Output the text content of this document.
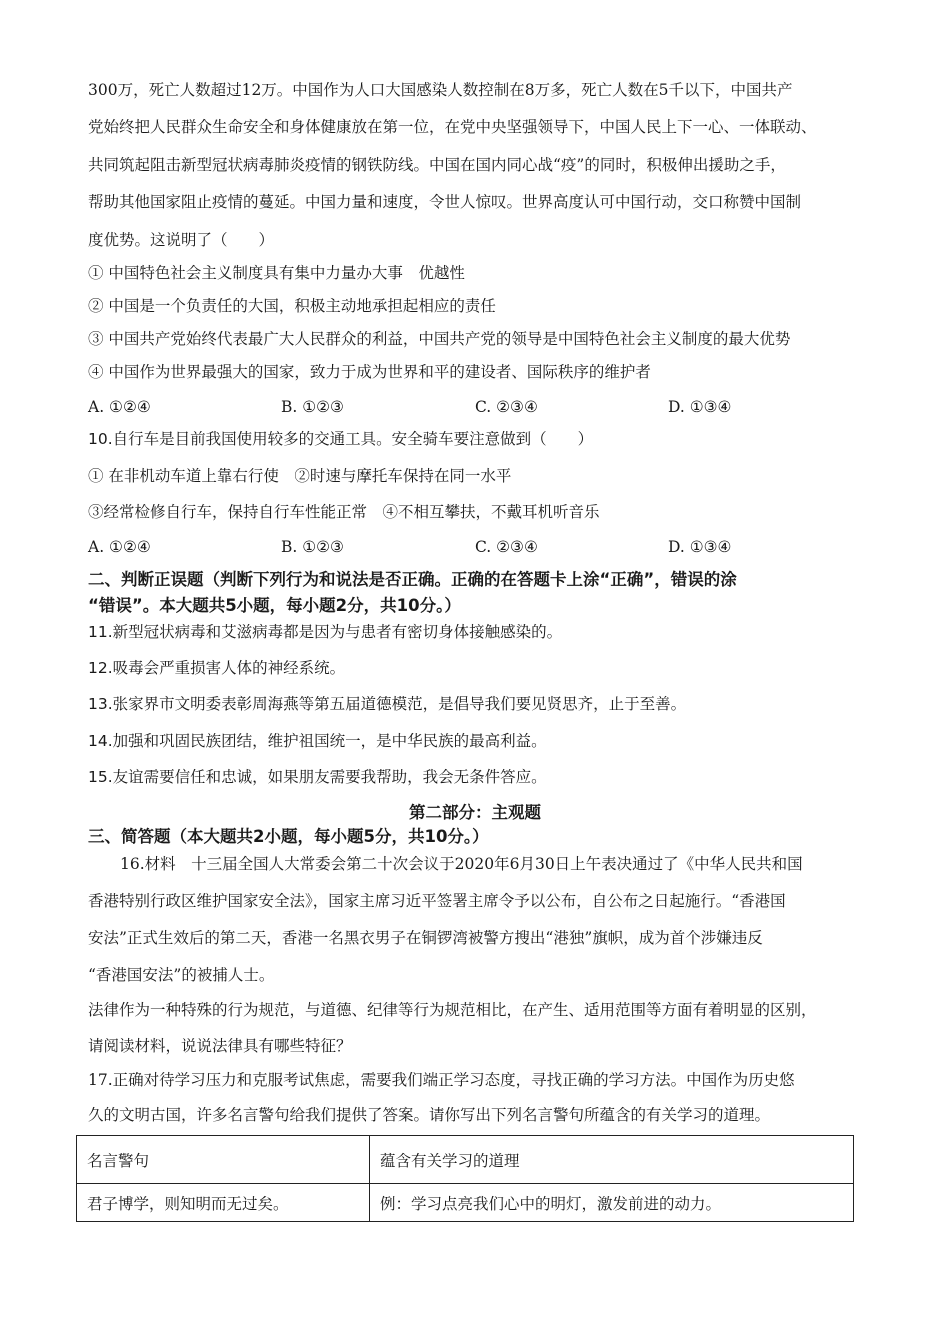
300万，死亡人数超过12万。中国作为人口大国感染人数控制在8万多，死亡人数在5千以下，中国共产
党始终把人民群众生命安全和身体健康放在第一位，在党中央坚强领导下，中国人民上下一心、一体联动、
共同筑起阻击新型冠状病毒肺炎疫情的钢铁防线。中国在国内同心战“疫”的同时，积极伸出援助之手，
帮助其他国家阻止疫情的蔓延。中国力量和速度，令世人惊叹。世界高度认可中国行动，交口称赞中国制
度优势。这说明了（　　）
① 中国特色社会主义制度具有集中力量办大事　优越性
② 中国是一个负责任的大国，积极主动地承担起相应的责任
③ 中国共产党始终代表最广大人民群众的利益，中国共产党的领导是中国特色社会主义制度的最大优势
④ 中国作为世界最强大的国家，致力于成为世界和平的建设者、国际秩序的维护者
A. ①②④	B. ①②③	C. ②③④	D. ①③④
10.自行车是目前我国使用较多的交通工具。安全骑车要注意做到（　　）
① 在非机动车道上靠右行使　②时速与摩托车保持在同一水平
③经常检修自行车，保持自行车性能正常　④不相互攀扶，不戴耳机听音乐
A. ①②④	B. ①②③	C. ②③④	D. ①③④
二、判断正误题（判断下列行为和说法是否正确。正确的在答题卡上涂“正确”，错误的涂
“错误”。本大题共5小题，每小题2分，共10分。）
11.新型冠状病毒和艾滋病毒都是因为与患者有密切身体接触感染的。
12.吸毒会严重损害人体的神经系统。
13.张家界市文明委表彰周海燕等第五届道德模范，是倡导我们要见贤思齐，止于至善。
14.加强和巩固民族团结，维护祖国统一，是中华民族的最高利益。
15.友谊需要信任和忠诚，如果朋友需要我帮助，我会无条件答应。
第二部分：主观题
三、简答题（本大题共2小题，每小题5分，共10分。）
16.材料　十三届全国人大常委会第二十次会议于2020年6月30日上午表决通过了《中华人民共和国
香港特别行政区维护国家安全法》，国家主席习近平签署主席令予以公布，自公布之日起施行。“香港国
安法”正式生效后的第二天，香港一名黑衣男子在铜锣湾被警方搜出“港独”旗帜，成为首个涉嫌违反
“香港国安法”的被捕人士。
法律作为一种特殊的行为规范，与道德、纪律等行为规范相比，在产生、适用范围等方面有着明显的区别，
请阅读材料，说说法律具有哪些特征？
17.正确对待学习压力和克服考试焦虑，需要我们端正学习态度，寻找正确的学习方法。中国作为历史悠
久的文明古国，许多名言警句给我们提供了答案。请你写出下列名言警句所蕴含的有关学习的道理。
名言警句	蕴含有关学习的道理
君子博学，则知明而无过矣。	例：学习点亮我们心中的明灯，激发前进的动力。
